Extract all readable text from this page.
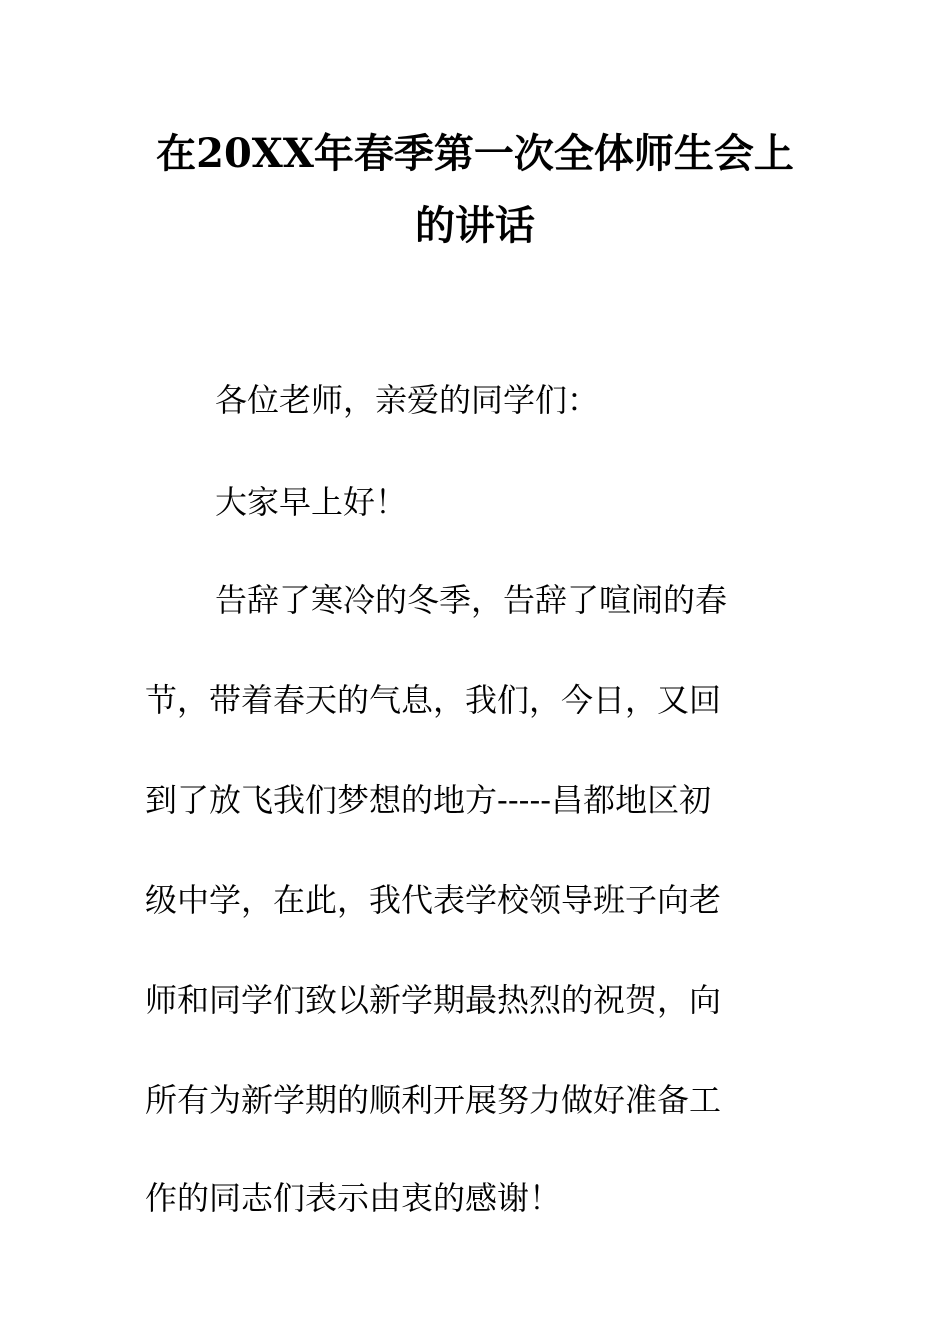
在20XX年春季第一次全体师生会上
的讲话

各位老师，亲爱的同学们：

大家早上好！

告辞了寒冷的冬季，告辞了喧闹的春

节，带着春天的气息，我们，今日，又回

到了放飞我们梦想的地方-----昌都地区初

级中学，在此，我代表学校领导班子向老

师和同学们致以新学期最热烈的祝贺，向

所有为新学期的顺利开展努力做好准备工

作的同志们表示由衷的感谢！
